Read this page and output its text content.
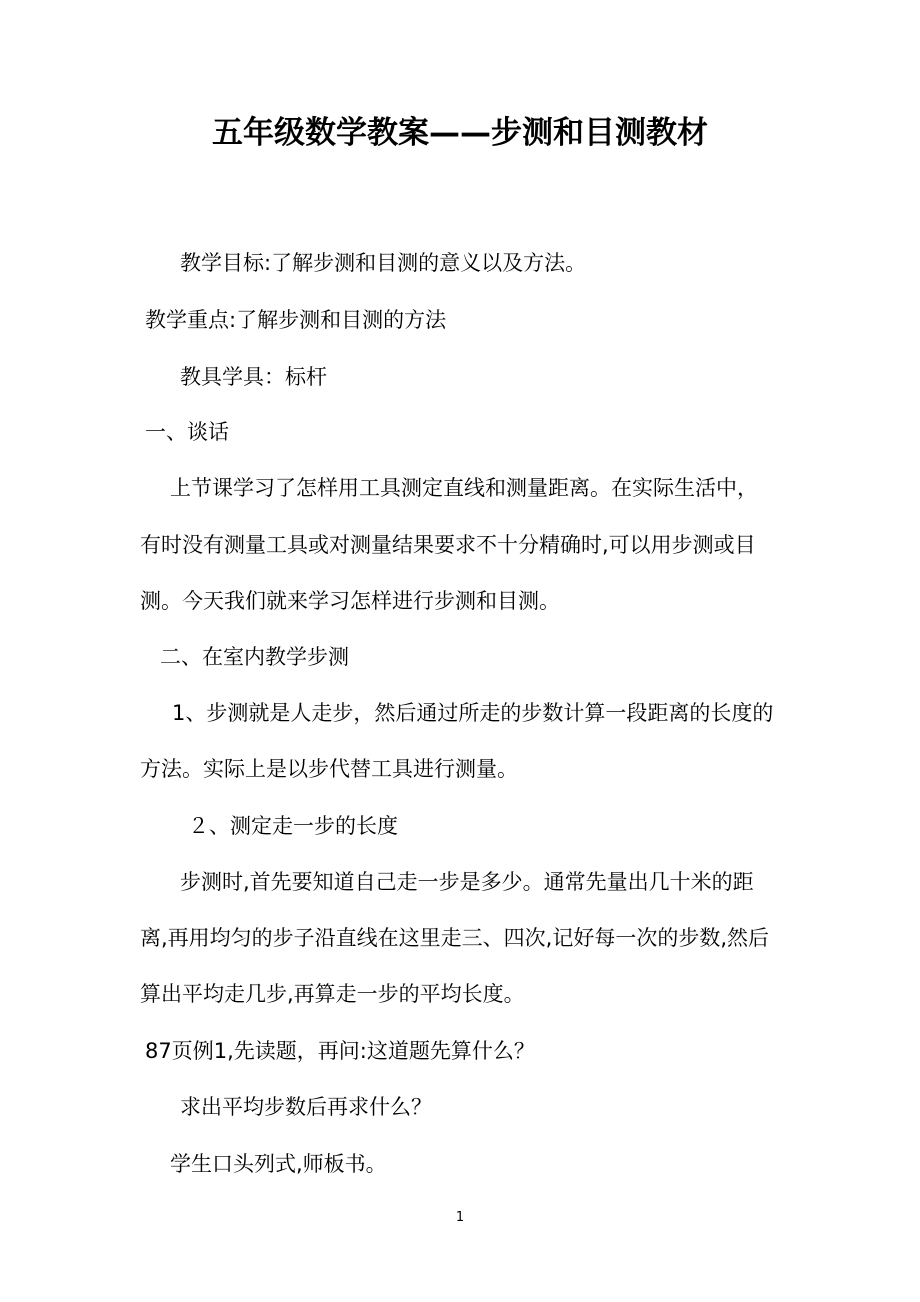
五年级数学教案——步测和目测教材
教学目标:了解步测和目测的意义以及方法。
教学重点:了解步测和目测的方法
教具学具：标杆
一、谈话
上节课学习了怎样用工具测定直线和测量距离。在实际生活中，
有时没有测量工具或对测量结果要求不十分精确时,可以用步测或目
测。今天我们就来学习怎样进行步测和目测。
二、在室内教学步测
1、步测就是人走步，然后通过所走的步数计算一段距离的长度的
方法。实际上是以步代替工具进行测量。
２、测定走一步的长度
步测时,首先要知道自己走一步是多少。通常先量出几十米的距
离,再用均匀的步子沿直线在这里走三、四次,记好每一次的步数,然后
算出平均走几步,再算走一步的平均长度。
87页例1,先读题，再问:这道题先算什么？
求出平均步数后再求什么？
学生口头列式,师板书。
1
